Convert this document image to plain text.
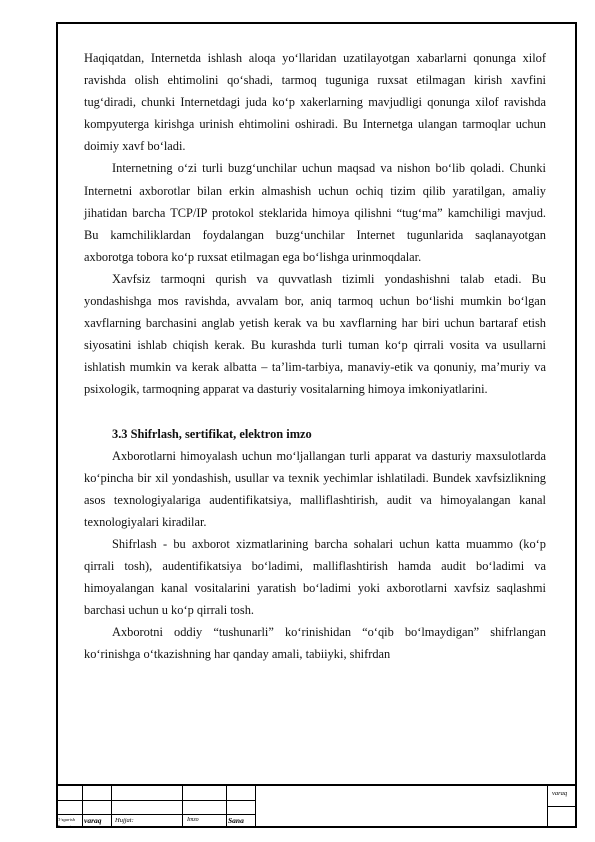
Haqiqatdan, Internetda ishlash aloqa yo‘llaridan uzatilayotgan xabarlarni qonunga xilof ravishda olish ehtimolini qo‘shadi, tarmoq tuguniga ruxsat etilmagan kirish xavfini tug‘diradi, chunki Internetdagi juda ko‘p xakerlarning mavjudligi qonunga xilof ravishda kompyuterga kirishga urinish ehtimolini oshiradi. Bu Internetga ulangan tarmoqlar uchun doimiy xavf bo‘ladi.

Internetning o‘zi turli buzg‘unchilar uchun maqsad va nishon bo‘lib qoladi. Chunki Internetni axborotlar bilan erkin almashish uchun ochiq tizim qilib yaratilgan, amaliy jihatidan barcha TCP/IP protokol steklarida himoya qilishni “tug‘ma” kamchiligi mavjud. Bu kamchiliklardan foydalangan buzg‘unchilar Internet tugunlarida saqlanayotgan axborotga tobora ko‘p ruxsat etilmagan ega bo‘lishga urinmoqdalar.

Xavfsiz tarmoqni qurish va quvvatlash tizimli yondashishni talab etadi. Bu yondashishga mos ravishda, avvalam bor, aniq tarmoq uchun bo‘lishi mumkin bo‘lgan xavflarning barchasini anglab yetish kerak va bu xavflarning har biri uchun bartaraf etish siyosatini ishlab chiqish kerak. Bu kurashda turli tuman ko‘p qirrali vosita va usullarni ishlatish mumkin va kerak albatta – ta’lim-tarbiya, manaviy-etik va qonuniy, ma’muriy va psixologik, tarmoqning apparat va dasturiy vositalarning himoya imkoniyatlarini.

3.3 Shifrlash, sertifikat, elektron imzo

Axborotlarni himoyalash uchun mo‘ljallangan turli apparat va dasturiy maxsulotlarda ko‘pincha bir xil yondashish, usullar va texnik yechimlar ishlatiladi. Bundek xavfsizlikning asos texnologiyalariga audentifikatsiya, malliflashtirish, audit va himoyalangan kanal texnologiyalari kiradilar.

Shifrlash - bu axborot xizmatlarining barcha sohalari uchun katta muammo (ko‘p qirrali tosh), audentifikatsiya bo‘ladimi, malliflashtirish hamda audit bo‘ladimi va himoyalangan kanal vositalarini yaratish bo‘ladimi yoki axborotlarni xavfsiz saqlashmi barchasi uchun u ko‘p qirrali tosh.

Axborotni oddiy “tushunarli” ko‘rinishidan “o‘qib bo‘lmaydigan” shifrlangan ko‘rinishga o‘tkazishning har qanday amali, tabiiyki, shifrdan

O‘zgarish varaq Hujjat:	Imzo	Sana
varaq
Nomeri
